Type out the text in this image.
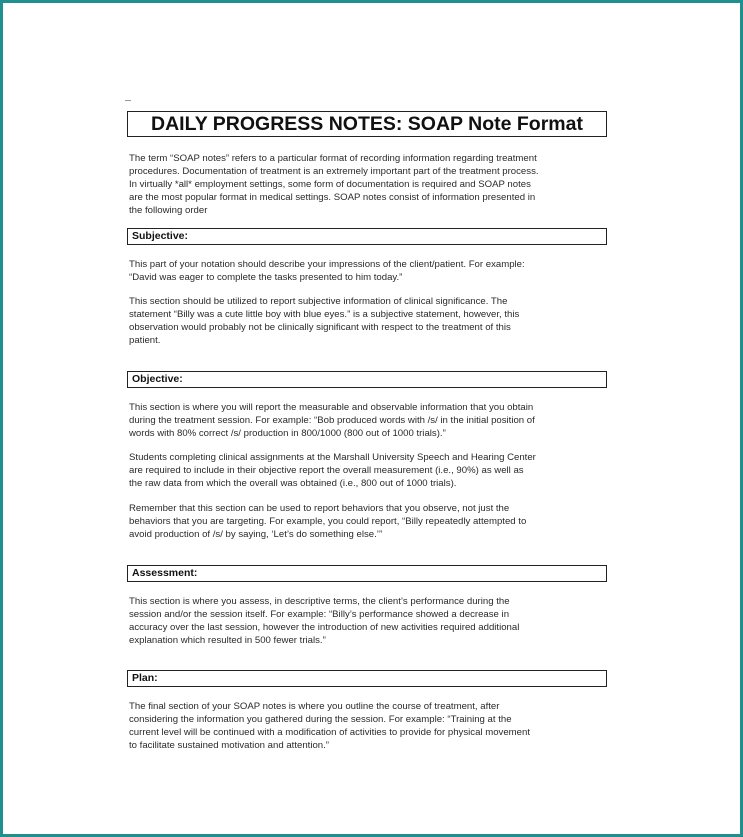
DAILY PROGRESS NOTES: SOAP Note Format

The term “SOAP notes” refers to a particular format of recording information regarding treatment
procedures. Documentation of treatment is an extremely important part of the treatment process.
In virtually *all* employment settings, some form of documentation is required and SOAP notes
are the most popular format in medical settings. SOAP notes consist of information presented in
the following order

Subjective:

This part of your notation should describe your impressions of the client/patient. For example:
“David was eager to complete the tasks presented to him today.”

This section should be utilized to report subjective information of clinical significance. The
statement “Billy was a cute little boy with blue eyes.” is a subjective statement, however, this
observation would probably not be clinically significant with respect to the treatment of this
patient.

Objective:

This section is where you will report the measurable and observable information that you obtain
during the treatment session. For example: “Bob produced words with /s/ in the initial position of
words with 80% correct /s/ production in 800/1000 (800 out of 1000 trials).”

Students completing clinical assignments at the Marshall University Speech and Hearing Center
are required to include in their objective report the overall measurement (i.e., 90%) as well as
the raw data from which the overall was obtained (i.e., 800 out of 1000 trials).

Remember that this section can be used to report behaviors that you observe, not just the
behaviors that you are targeting. For example, you could report, “Billy repeatedly attempted to
avoid production of /s/ by saying, ‘Let’s do something else.’”

Assessment:

This section is where you assess, in descriptive terms, the client’s performance during the
session and/or the session itself. For example: “Billy’s performance showed a decrease in
accuracy over the last session, however the introduction of new activities required additional
explanation which resulted in 500 fewer trials.”

Plan:

The final section of your SOAP notes is where you outline the course of treatment, after
considering the information you gathered during the session. For example: “Training at the
current level will be continued with a modification of activities to provide for physical movement
to facilitate sustained motivation and attention.”
